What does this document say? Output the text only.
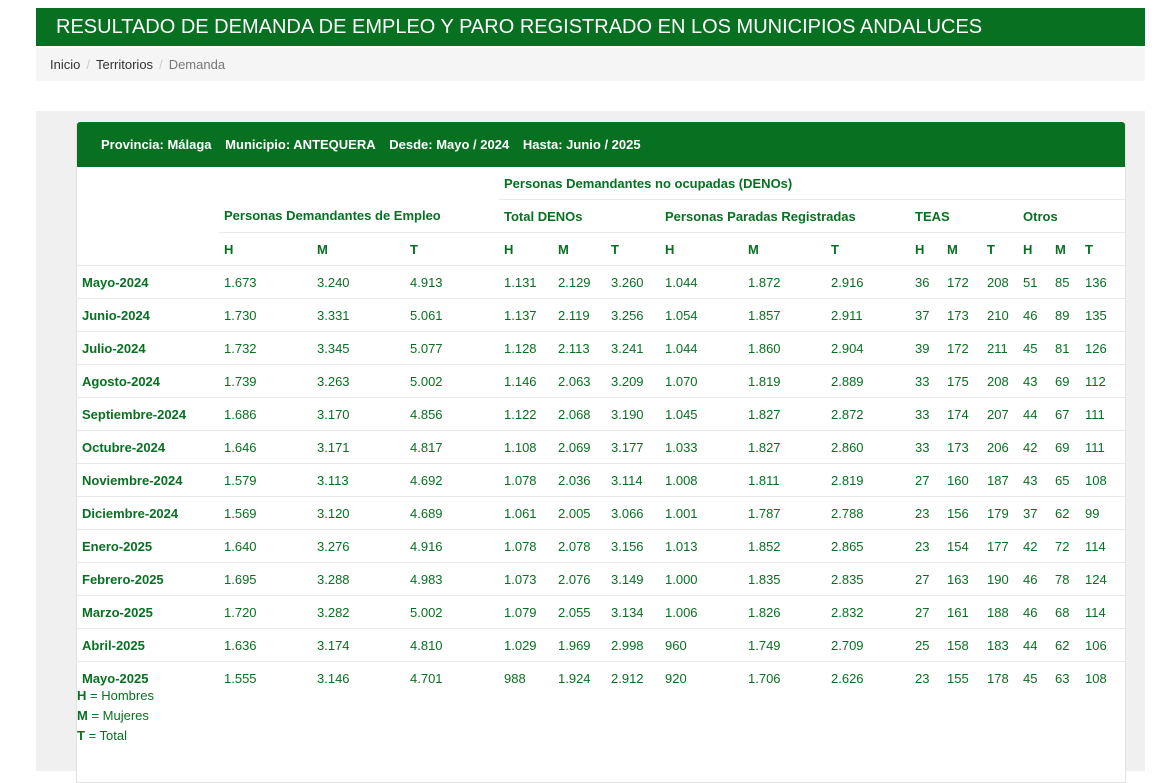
RESULTADO DE DEMANDA DE EMPLEO Y PARO REGISTRADO EN LOS MUNICIPIOS ANDALUCES
Inicio / Territorios / Demanda
Provincia: Málaga Municipio: ANTEQUERA Desde: Mayo / 2024 Hasta: Junio / 2025
				Personas Demandantes no ocupadas (DENOs)											
	Personas Demandantes de Empleo			Total DENOs			Personas Paradas Registradas			TEAS			Otros		
	H	M	T	H	M	T	H	M	T	H	M	T	H	M	T
Mayo-2024	1.673	3.240	4.913	1.131	2.129	3.260	1.044	1.872	2.916	36	172	208	51	85	136
Junio-2024	1.730	3.331	5.061	1.137	2.119	3.256	1.054	1.857	2.911	37	173	210	46	89	135
Julio-2024	1.732	3.345	5.077	1.128	2.113	3.241	1.044	1.860	2.904	39	172	211	45	81	126
Agosto-2024	1.739	3.263	5.002	1.146	2.063	3.209	1.070	1.819	2.889	33	175	208	43	69	112
Septiembre-2024	1.686	3.170	4.856	1.122	2.068	3.190	1.045	1.827	2.872	33	174	207	44	67	111
Octubre-2024	1.646	3.171	4.817	1.108	2.069	3.177	1.033	1.827	2.860	33	173	206	42	69	111
Noviembre-2024	1.579	3.113	4.692	1.078	2.036	3.114	1.008	1.811	2.819	27	160	187	43	65	108
Diciembre-2024	1.569	3.120	4.689	1.061	2.005	3.066	1.001	1.787	2.788	23	156	179	37	62	99
Enero-2025	1.640	3.276	4.916	1.078	2.078	3.156	1.013	1.852	2.865	23	154	177	42	72	114
Febrero-2025	1.695	3.288	4.983	1.073	2.076	3.149	1.000	1.835	2.835	27	163	190	46	78	124
Marzo-2025	1.720	3.282	5.002	1.079	2.055	3.134	1.006	1.826	2.832	27	161	188	46	68	114
Abril-2025	1.636	3.174	4.810	1.029	1.969	2.998	960	1.749	2.709	25	158	183	44	62	106
Mayo-2025	1.555	3.146	4.701	988	1.924	2.912	920	1.706	2.626	23	155	178	45	63	108
H = Hombres
M = Mujeres
T = Total
